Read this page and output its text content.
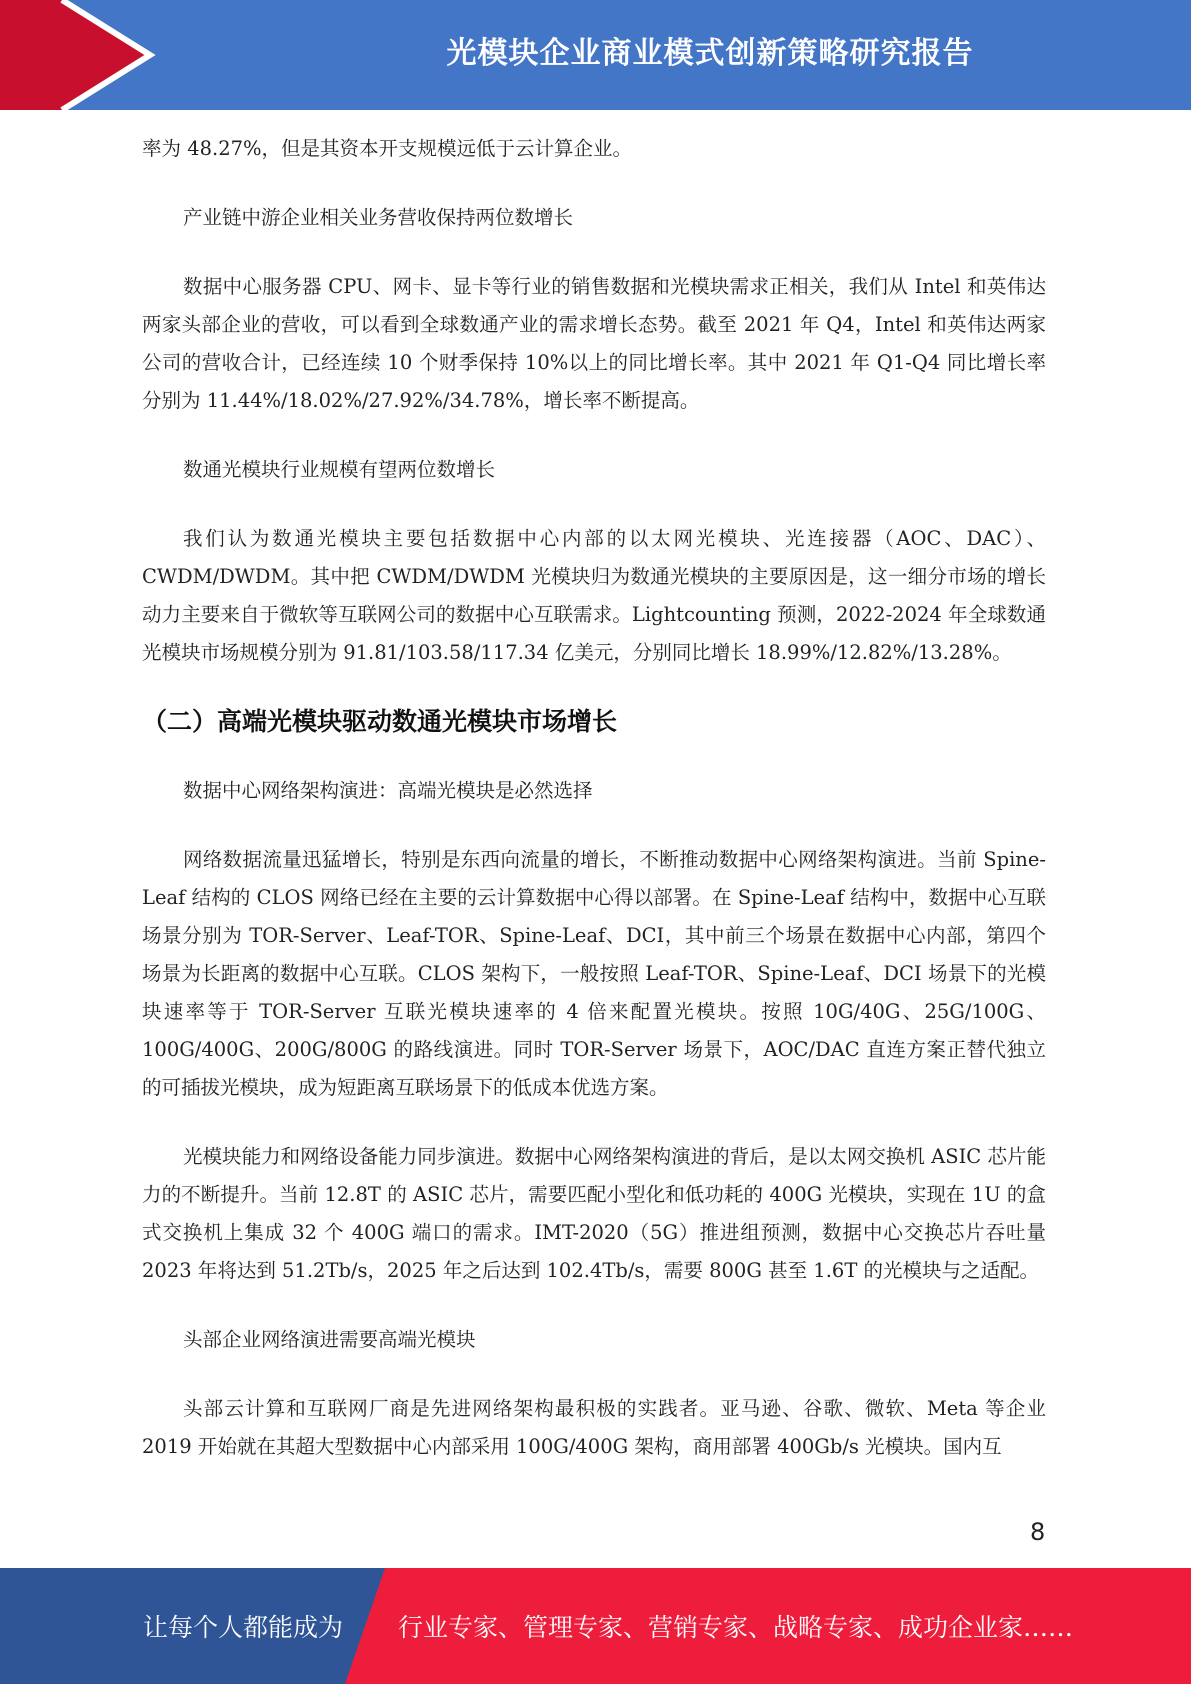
光模块企业商业模式创新策略研究报告

率为 48.27%，但是其资本开支规模远低于云计算企业。

产业链中游企业相关业务营收保持两位数增长

数据中心服务器 CPU、网卡、显卡等行业的销售数据和光模块需求正相关，我们从 Intel 和英伟达两家头部企业的营收，可以看到全球数通产业的需求增长态势。截至 2021 年 Q4，Intel 和英伟达两家公司的营收合计，已经连续 10 个财季保持 10%以上的同比增长率。其中 2021 年 Q1-Q4 同比增长率分别为 11.44%/18.02%/27.92%/34.78%，增长率不断提高。

数通光模块行业规模有望两位数增长

我们认为数通光模块主要包括数据中心内部的以太网光模块、光连接器（AOC、DAC）、CWDM/DWDM。其中把 CWDM/DWDM 光模块归为数通光模块的主要原因是，这一细分市场的增长动力主要来自于微软等互联网公司的数据中心互联需求。Lightcounting 预测，2022-2024 年全球数通光模块市场规模分别为 91.81/103.58/117.34 亿美元，分别同比增长 18.99%/12.82%/13.28%。

（二）高端光模块驱动数通光模块市场增长

数据中心网络架构演进：高端光模块是必然选择

网络数据流量迅猛增长，特别是东西向流量的增长，不断推动数据中心网络架构演进。当前 Spine-Leaf 结构的 CLOS 网络已经在主要的云计算数据中心得以部署。在 Spine-Leaf 结构中，数据中心互联场景分别为 TOR-Server、Leaf-TOR、Spine-Leaf、DCI，其中前三个场景在数据中心内部，第四个场景为长距离的数据中心互联。CLOS 架构下，一般按照 Leaf-TOR、Spine-Leaf、DCI 场景下的光模块速率等于 TOR-Server 互联光模块速率的 4 倍来配置光模块。按照 10G/40G、25G/100G、100G/400G、200G/800G 的路线演进。同时 TOR-Server 场景下，AOC/DAC 直连方案正替代独立的可插拔光模块，成为短距离互联场景下的低成本优选方案。

光模块能力和网络设备能力同步演进。数据中心网络架构演进的背后，是以太网交换机 ASIC 芯片能力的不断提升。当前 12.8T 的 ASIC 芯片，需要匹配小型化和低功耗的 400G 光模块，实现在 1U 的盒式交换机上集成 32 个 400G 端口的需求。IMT-2020（5G）推进组预测，数据中心交换芯片吞吐量 2023 年将达到 51.2Tb/s，2025 年之后达到 102.4Tb/s，需要 800G 甚至 1.6T 的光模块与之适配。

头部企业网络演进需要高端光模块

头部云计算和互联网厂商是先进网络架构最积极的实践者。亚马逊、谷歌、微软、Meta 等企业 2019 开始就在其超大型数据中心内部采用 100G/400G 架构，商用部署 400Gb/s 光模块。国内互

8
让每个人都能成为 行业专家、管理专家、营销专家、战略专家、成功企业家……
